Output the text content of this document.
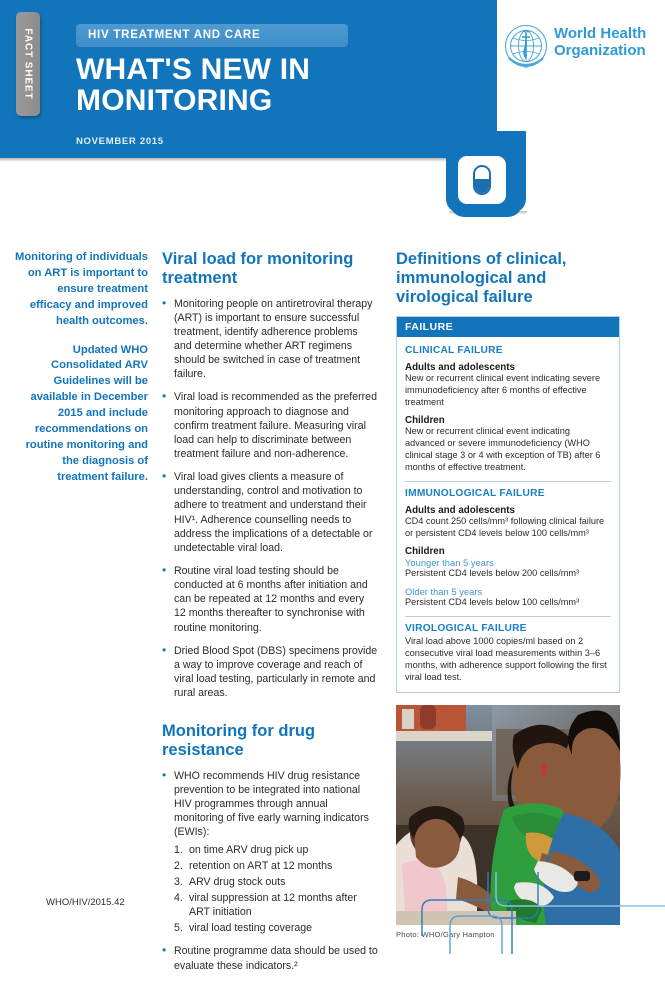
FACT SHEET	HIV TREATMENT AND CARE
WHAT'S NEW IN
MONITORING
NOVEMBER 2015
World Health
Organization

Monitoring of individuals on ART is important to ensure treatment efficacy and improved health outcomes.

Updated WHO Consolidated ARV Guidelines will be available in December 2015 and include recommendations on routine monitoring and the diagnosis of treatment failure.

Viral load for monitoring treatment
• Monitoring people on antiretroviral therapy (ART) is important to ensure successful treatment, identify adherence problems and determine whether ART regimens should be switched in case of treatment failure.
• Viral load is recommended as the preferred monitoring approach to diagnose and confirm treatment failure. Measuring viral load can help to discriminate between treatment failure and non-adherence.
• Viral load gives clients a measure of understanding, control and motivation to adhere to treatment and understand their HIV¹. Adherence counselling needs to address the implications of a detectable or undetectable viral load.
• Routine viral load testing should be conducted at 6 months after initiation and can be repeated at 12 months and every 12 months thereafter to synchronise with routine monitoring.
• Dried Blood Spot (DBS) specimens provide a way to improve coverage and reach of viral load testing, particularly in remote and rural areas.
Monitoring for drug resistance
• WHO recommends HIV drug resistance prevention to be integrated into national HIV programmes through annual monitoring of five early warning indicators (EWIs):
1. on time ARV drug pick up
2. retention on ART at 12 months
3. ARV drug stock outs
4. viral suppression at 12 months after ART initiation
5. viral load testing coverage
• Routine programme data should be used to evaluate these indicators.²
Definitions of clinical, immunological and virological failure
FAILURE
CLINICAL FAILURE
Adults and adolescents
New or recurrent clinical event indicating severe immunodeficiency after 6 months of effective treatment
Children
New or recurrent clinical event indicating advanced or severe immunodeficiency (WHO clinical stage 3 or 4 with exception of TB) after 6 months of effective treatment.
IMMUNOLOGICAL FAILURE
Adults and adolescents
CD4 count 250 cells/mm³ following clinical failure or persistent CD4 levels below 100 cells/mm³
Children
Younger than 5 years
Persistent CD4 levels below 200 cells/mm³
Older than 5 years
Persistent CD4 levels below 100 cells/mm³
VIROLOGICAL FAILURE
Viral load above 1000 copies/ml based on 2 consecutive viral load measurements within 3–6 months, with adherence support following the first viral load test.
Photo: WHO/Gary Hampton
WHO/HIV/2015.42
